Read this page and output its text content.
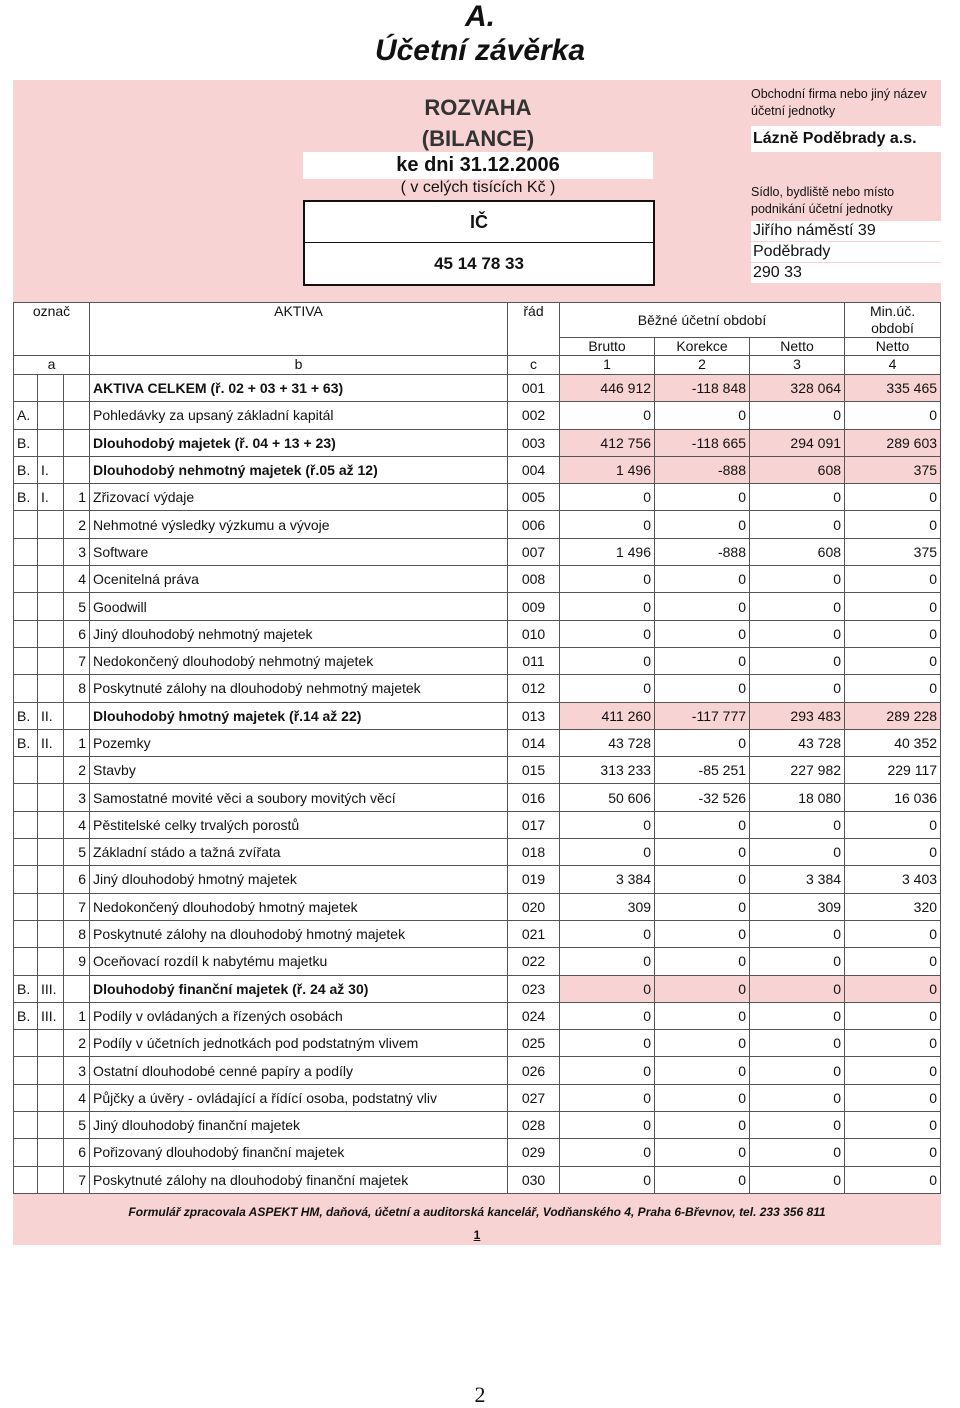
A.
Účetní závěrka
ROZVAHA
(BILANCE)
ke dni 31.12.2006
( v celých tisících Kč )
IČ
45 14 78 33
Obchodní firma nebo jiný název účetní jednotky
Lázně Poděbrady a.s.
Sídlo, bydliště nebo místo podnikání účetní jednotky
Jiřího náměstí 39
Poděbrady
290 33
označ			AKTIVA	řád	Běžné účetní období			Min.úč. období
					Brutto	Korekce	Netto	Netto
a			b	c	1	2	3	4
			AKTIVA CELKEM (ř. 02 + 03 + 31 + 63)	001	446 912	-118 848	328 064	335 465
A.			Pohledávky za upsaný základní kapitál	002	0	0	0	0
B.			Dlouhodobý majetek (ř. 04 + 13 + 23)	003	412 756	-118 665	294 091	289 603
B.	I.		Dlouhodobý nehmotný majetek (ř.05 až 12)	004	1 496	-888	608	375
B.	I.	1	Zřizovací výdaje	005	0	0	0	0
		2	Nehmotné výsledky výzkumu a vývoje	006	0	0	0	0
		3	Software	007	1 496	-888	608	375
		4	Ocenitelná práva	008	0	0	0	0
		5	Goodwill	009	0	0	0	0
		6	Jiný dlouhodobý nehmotný majetek	010	0	0	0	0
		7	Nedokončený dlouhodobý nehmotný majetek	011	0	0	0	0
		8	Poskytnuté zálohy na dlouhodobý nehmotný majetek	012	0	0	0	0
B.	II.		Dlouhodobý hmotný majetek (ř.14 až 22)	013	411 260	-117 777	293 483	289 228
B.	II.	1	Pozemky	014	43 728	0	43 728	40 352
		2	Stavby	015	313 233	-85 251	227 982	229 117
		3	Samostatné movité věci a soubory movitých věcí	016	50 606	-32 526	18 080	16 036
		4	Pěstitelské celky trvalých porostů	017	0	0	0	0
		5	Základní stádo a tažná zvířata	018	0	0	0	0
		6	Jiný dlouhodobý hmotný majetek	019	3 384	0	3 384	3 403
		7	Nedokončený dlouhodobý hmotný majetek	020	309	0	309	320
		8	Poskytnuté zálohy na dlouhodobý hmotný majetek	021	0	0	0	0
		9	Oceňovací rozdíl k nabytému majetku	022	0	0	0	0
B.	III.		Dlouhodobý finanční majetek (ř. 24 až 30)	023	0	0	0	0
B.	III.	1	Podíly v ovládaných a řízených osobách	024	0	0	0	0
		2	Podíly v účetních jednotkách pod podstatným vlivem	025	0	0	0	0
		3	Ostatní dlouhodobé cenné papíry a podíly	026	0	0	0	0
		4	Půjčky a úvěry - ovládající a řídící osoba, podstatný vliv	027	0	0	0	0
		5	Jiný dlouhodobý finanční majetek	028	0	0	0	0
		6	Pořizovaný dlouhodobý finanční majetek	029	0	0	0	0
		7	Poskytnuté zálohy na dlouhodobý finanční majetek	030	0	0	0	0
Formulář zpracovala ASPEKT HM, daňová, účetní a auditorská kancelář, Vodňanského 4, Praha 6-Břevnov, tel. 233 356 811
1
2
